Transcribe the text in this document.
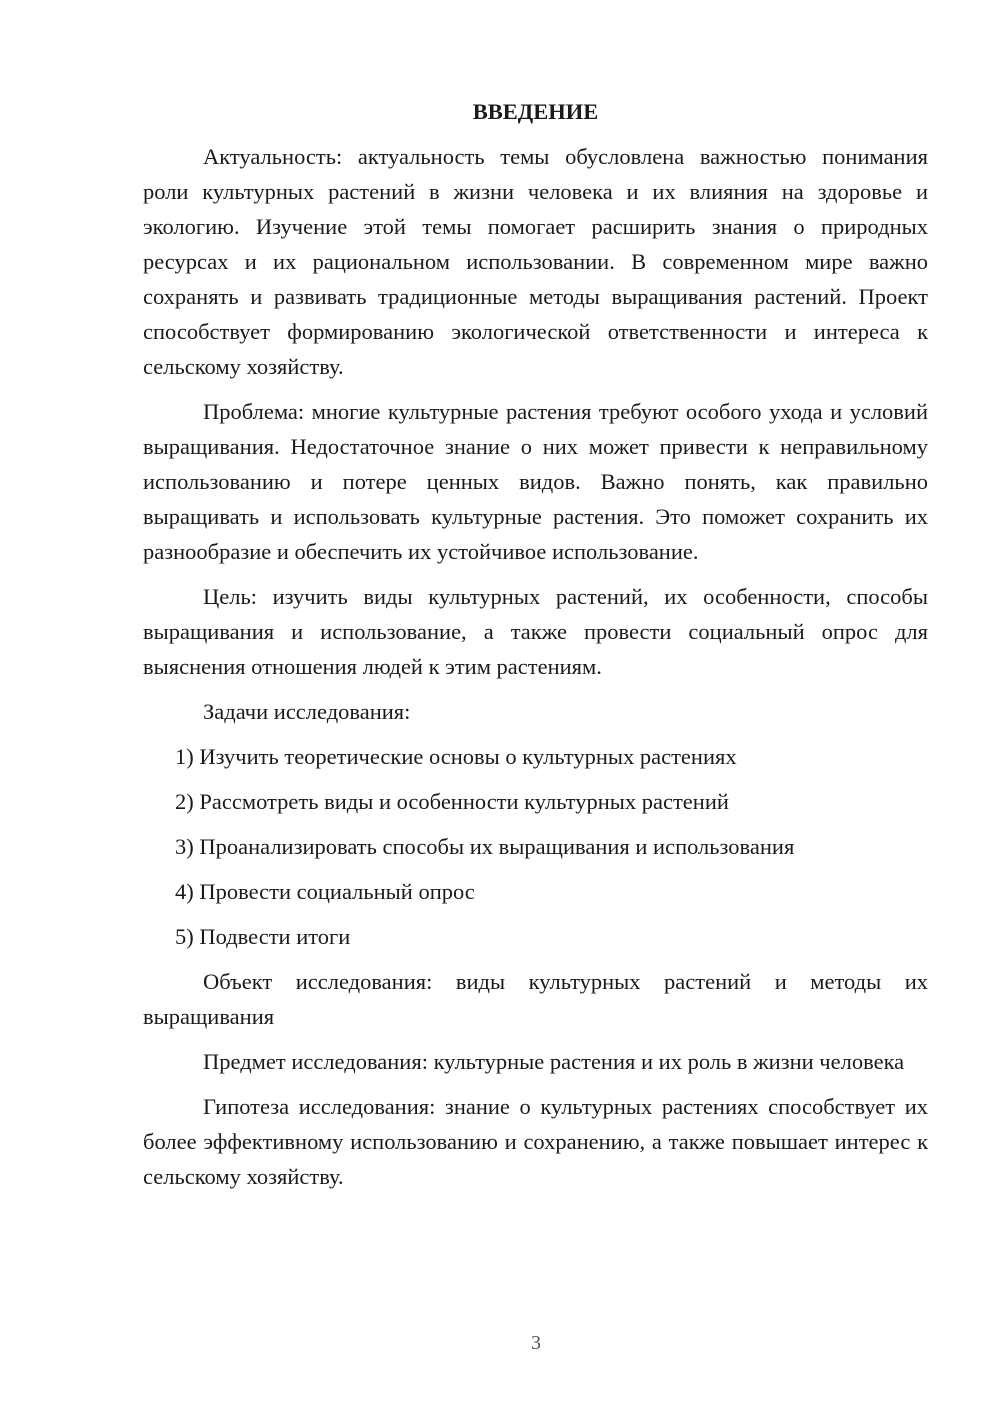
ВВЕДЕНИЕ

Актуальность: актуальность темы обусловлена важностью понимания роли культурных растений в жизни человека и их влияния на здоровье и экологию. Изучение этой темы помогает расширить знания о природных ресурсах и их рациональном использовании. В современном мире важно сохранять и развивать традиционные методы выращивания растений. Проект способствует формированию экологической ответственности и интереса к сельскому хозяйству.

Проблема: многие культурные растения требуют особого ухода и условий выращивания. Недостаточное знание о них может привести к неправильному использованию и потере ценных видов. Важно понять, как правильно выращивать и использовать культурные растения. Это поможет сохранить их разнообразие и обеспечить их устойчивое использование.

Цель: изучить виды культурных растений, их особенности, способы выращивания и использование, а также провести социальный опрос для выяснения отношения людей к этим растениям.

Задачи исследования:

1) Изучить теоретические основы о культурных растениях
2) Рассмотреть виды и особенности культурных растений
3) Проанализировать способы их выращивания и использования
4) Провести социальный опрос
5) Подвести итоги

Объект исследования: виды культурных растений и методы их выращивания

Предмет исследования: культурные растения и их роль в жизни человека

Гипотеза исследования: знание о культурных растениях способствует их более эффективному использованию и сохранению, а также повышает интерес к сельскому хозяйству.

3
